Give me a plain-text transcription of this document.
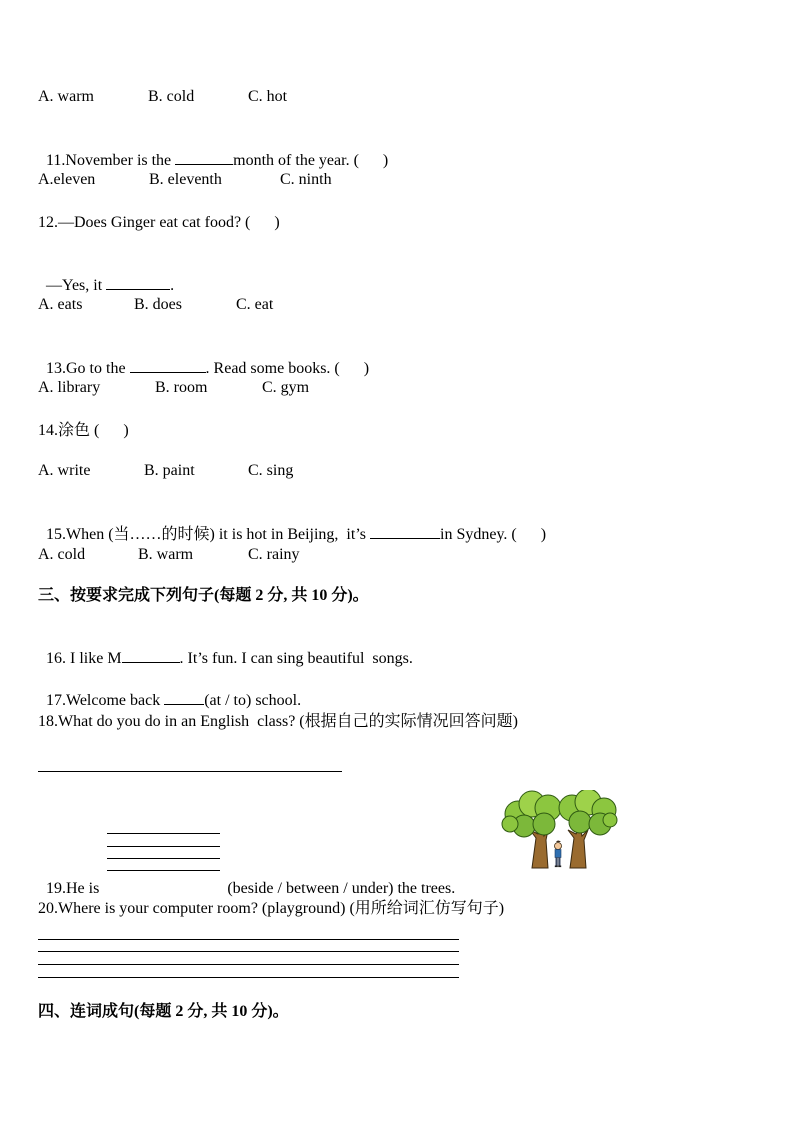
A. warm	B. cold	C. hot

11.November is the	month of the year. (      )

A.eleven	B. eleventh	C. ninth
12.—Does Ginger eat cat food? (      )

—Yes, it	.

A. eats	B. does	C. eat

13.Go to the	. Read some books. (      )

A. library	B. room	C. gym
14.涂色 (      )
A. write	B. paint	C. sing

15.When (当……的时候) it is hot in Beijing,  it’s	in Sydney. (      )

A. cold	B. warm	C. rainy
三、按要求完成下列句子(每题 2 分, 共 10 分)。

16. I like M	. It’s fun. I can sing beautiful  songs.

17.Welcome back	(at / to) school.

18.What do you do in an English  class? (根据自己的实际情况回答问题)

19.He is	(beside / between / under) the trees.

20.Where is your computer room? (playground) (用所给词汇仿写句子)
四、连词成句(每题 2 分, 共 10 分)。
